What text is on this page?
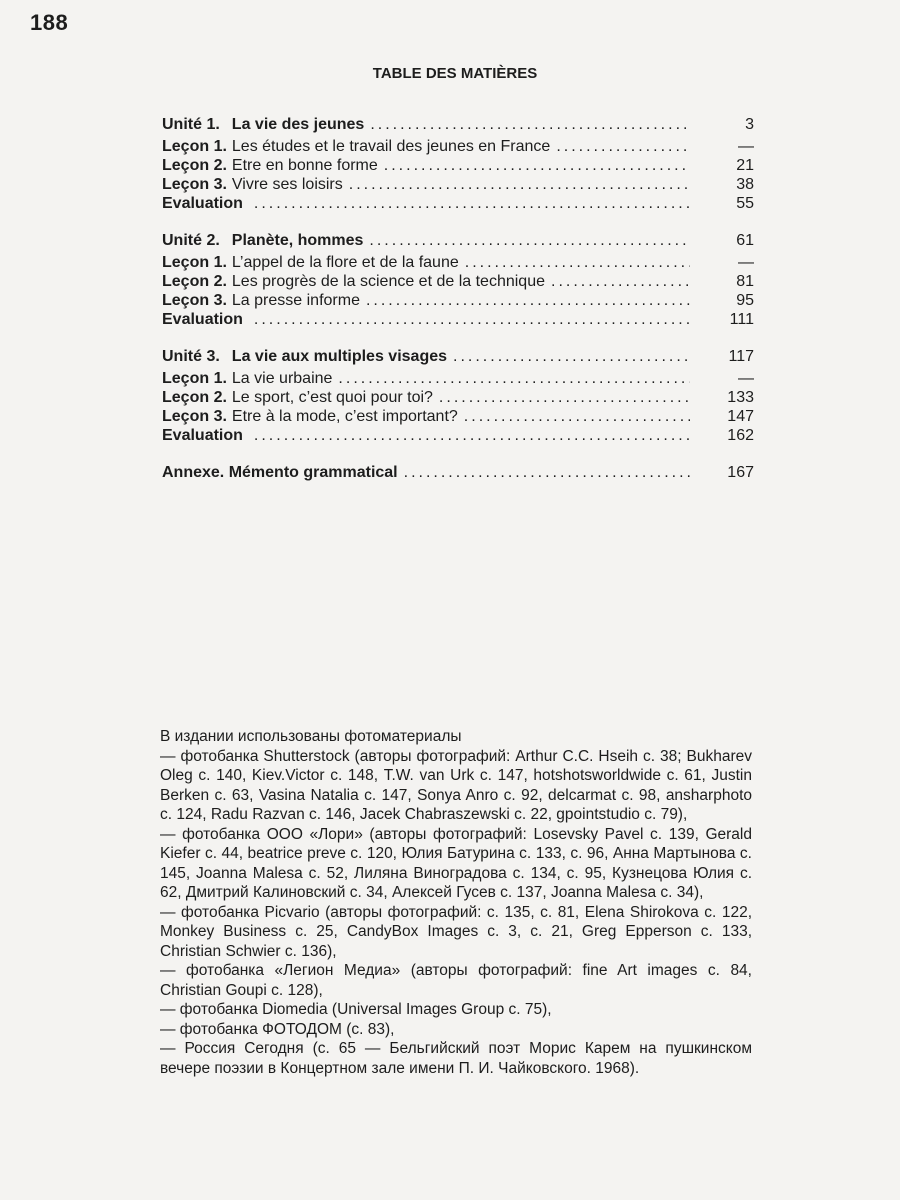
188
TABLE DES MATIÈRES
Unité 1. La vie des jeunes .....	3
Leçon 1. Les études et le travail des jeunes en France .....	—
Leçon 2. Etre en bonne forme .....	21
Leçon 3. Vivre ses loisirs .....	38
Evaluation .....	55
Unité 2. Planète, hommes .....	61
Leçon 1. L’appel de la flore et de la faune .....	—
Leçon 2. Les progrès de la science et de la technique .....	81
Leçon 3. La presse informe .....	95
Evaluation .....	111
Unité 3. La vie aux multiples visages .....	117
Leçon 1. La vie urbaine .....	—
Leçon 2. Le sport, c’est quoi pour toi? .....	133
Leçon 3. Etre à la mode, c’est important? .....	147
Evaluation .....	162
Annexe. Mémento grammatical .....	167

В издании использованы фотоматериалы

— фотобанка Shutterstock (авторы фотографий: Arthur C.C. Hseih с. 38; Bukharev Oleg с. 140, Kiev.Victor с. 148, T.W. van Urk с. 147, hotshotsworldwide с. 61, Justin Berken с. 63, Vasina Natalia с. 147, Sonya Anro с. 92, delcarmat с. 98, ansharphoto с. 124, Radu Razvan с. 146, Jacek Chabraszewski с. 22, gpointstudio с. 79),

— фотобанка ООО «Лори» (авторы фотографий: Losevsky Pavel с. 139, Gerald Kiefer с. 44, beatrice preve с. 120, Юлия Батурина с. 133, с. 96, Анна Мартынова с. 145, Joanna Malesa с. 52, Лиляна Виноградова с. 134, с. 95, Кузнецова Юлия с. 62, Дмитрий Калиновский с. 34, Алексей Гусев с. 137, Joanna Malesa с. 34),

— фотобанка Picvario (авторы фотографий: с. 135, с. 81, Elena Shirokova с. 122, Monkey Business с. 25, CandyBox Images с. 3, с. 21, Greg Epperson с. 133, Christian Schwier с. 136),

— фотобанка «Легион Медиа» (авторы фотографий: fine Art images с. 84, Christian Goupi с. 128),

— фотобанка Diomedia (Universal Images Group с. 75),

— фотобанка ФОТОДОМ (с. 83),

— Россия Сегодня (с. 65 — Бельгийский поэт Морис Карем на пушкинском вечере поэзии в Концертном зале имени П. И. Чайковского. 1968).
